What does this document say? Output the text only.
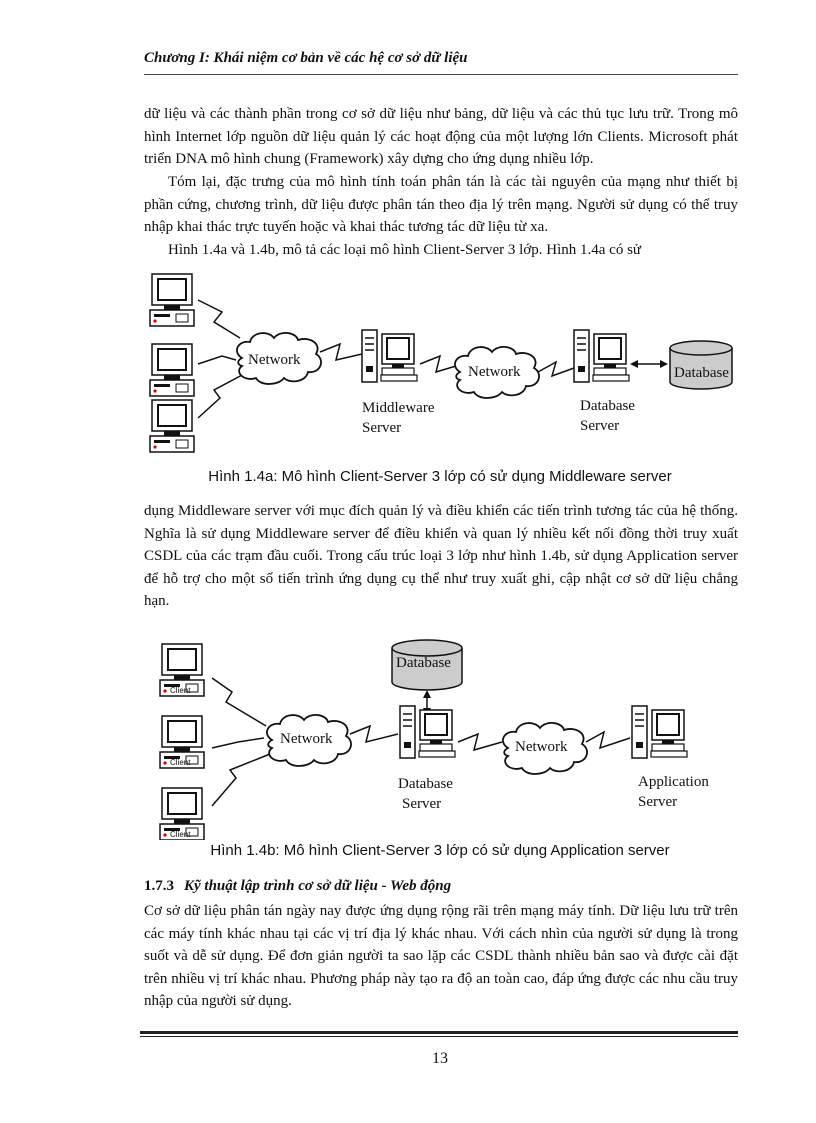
Chương I: Khái niệm cơ bản về các hệ cơ sở dữ liệu

dữ liệu và các thành phần trong cơ sở dữ liệu như bảng, dữ liệu và các thủ tục lưu trữ. Trong mô hình Internet lớp nguồn dữ liệu quản lý các hoạt động của một lượng lớn Clients. Microsoft phát triển DNA mô hình chung (Framework) xây dựng cho ứng dụng nhiều lớp.

Tóm lại, đặc trưng của mô hình tính toán phân tán là các tài nguyên của mạng như thiết bị phần cứng, chương trình, dữ liệu được phân tán theo địa lý trên mạng. Người sử dụng có thể truy nhập khai thác trực tuyến hoặc và khai thác tương tác dữ liệu từ xa.

Hình 1.4a và 1.4b, mô tả các loại mô hình Client-Server 3 lớp. Hình 1.4a có sử

Network
Middleware
Server
Network
Database
Server
Database
Hình 1.4a: Mô hình Client-Server 3 lớp có sử dụng Middleware server

dụng Middleware server với mục đích quản lý và điều khiển các tiến trình tương tác của hệ thống. Nghĩa là sử dụng Middleware server để điều khiển và quan lý nhiều kết nối đồng thời truy xuất CSDL của các trạm đầu cuối. Trong cấu trúc loại 3 lớp như hình 1.4b, sử dụng Application server để hỗ trợ cho một số tiến trình ứng dụng cụ thể như truy xuất ghi, cập nhật cơ sở dữ liệu chẳng hạn.

Client
Client
Client
Network
Database
Database
Server
Network
Application
Server
Hình 1.4b: Mô hình Client-Server 3 lớp có sử dụng Application server
1.7.3 Kỹ thuật lập trình cơ sở dữ liệu - Web động

Cơ sở dữ liệu phân tán ngày nay được ứng dụng rộng rãi trên mạng máy tính. Dữ liệu lưu trữ trên các máy tính khác nhau tại các vị trí địa lý khác nhau. Với cách nhìn của người sử dụng là trong suốt và dễ sử dụng. Để đơn giản người ta sao lặp các CSDL thành nhiều bản sao và được cài đặt trên nhiều vị trí khác nhau. Phương pháp này tạo ra độ an toàn cao, đáp ứng được các nhu cầu truy nhập của người sử dụng.

13
